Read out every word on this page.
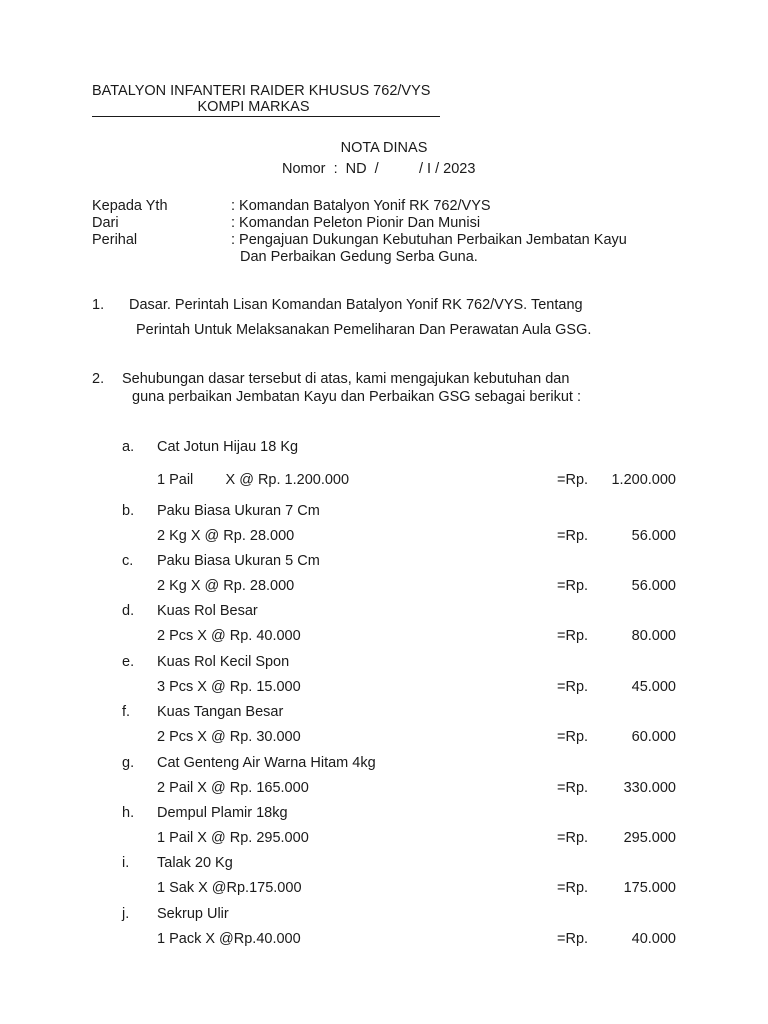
BATALYON INFANTERI RAIDER KHUSUS 762/VYS
KOMPI MARKAS
NOTA DINAS
Nomor  :  ND  /          / I / 2023
Kepada Yth	: Komandan Batalyon Yonif RK 762/VYS
Dari	: Komandan Peleton Pionir Dan Munisi
Perihal	: Pengajuan Dukungan Kebutuhan Perbaikan Jembatan Kayu
Dan Perbaikan Gedung Serba Guna.
1. Dasar. Perintah Lisan Komandan Batalyon Yonif RK 762/VYS. Tentang
Perintah Untuk Melaksanakan Pemeliharan Dan Perawatan Aula GSG.
2. Sehubungan dasar tersebut di atas, kami mengajukan kebutuhan dan
guna perbaikan Jembatan Kayu dan Perbaikan GSG sebagai berikut :
a. Cat Jotun Hijau 18 Kg
1 Pail        X @ Rp. 1.200.000	=Rp.	1.200.000
b. Paku Biasa Ukuran 7 Cm
2 Kg X @ Rp. 28.000	=Rp.	56.000
c. Paku Biasa Ukuran 5 Cm
2 Kg X @ Rp. 28.000	=Rp.	56.000
d. Kuas Rol Besar
2 Pcs X @ Rp. 40.000	=Rp.	80.000
e. Kuas Rol Kecil Spon
3 Pcs X @ Rp. 15.000	=Rp.	45.000
f. Kuas Tangan Besar
2 Pcs X @ Rp. 30.000	=Rp.	60.000
g. Cat Genteng Air Warna Hitam 4kg
2 Pail X @ Rp. 165.000	=Rp.	330.000
h. Dempul Plamir 18kg
1 Pail X @ Rp. 295.000	=Rp.	295.000
i. Talak 20 Kg
1 Sak X @Rp.175.000	=Rp.	175.000
j. Sekrup Ulir
1 Pack X @Rp.40.000	=Rp.	40.000
